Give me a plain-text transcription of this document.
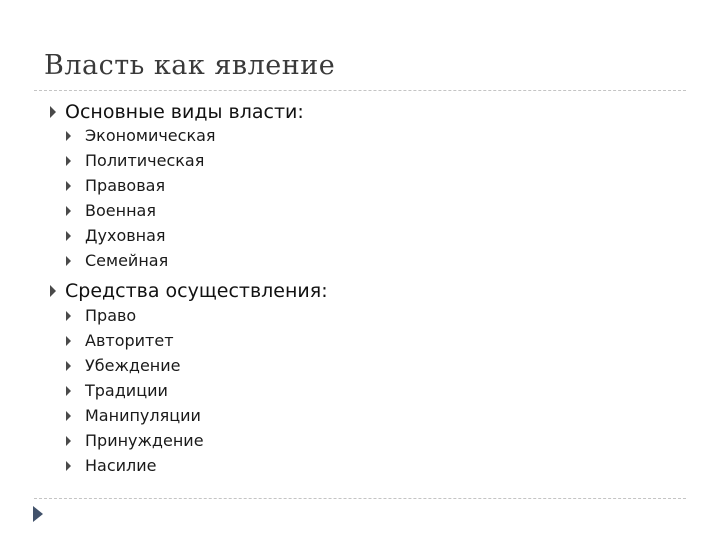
Власть как явление
Основные виды власти:
Экономическая
Политическая
Правовая
Военная
Духовная
Семейная
Средства осуществления:
Право
Авторитет
Убеждение
Традиции
Манипуляции
Принуждение
Насилие
